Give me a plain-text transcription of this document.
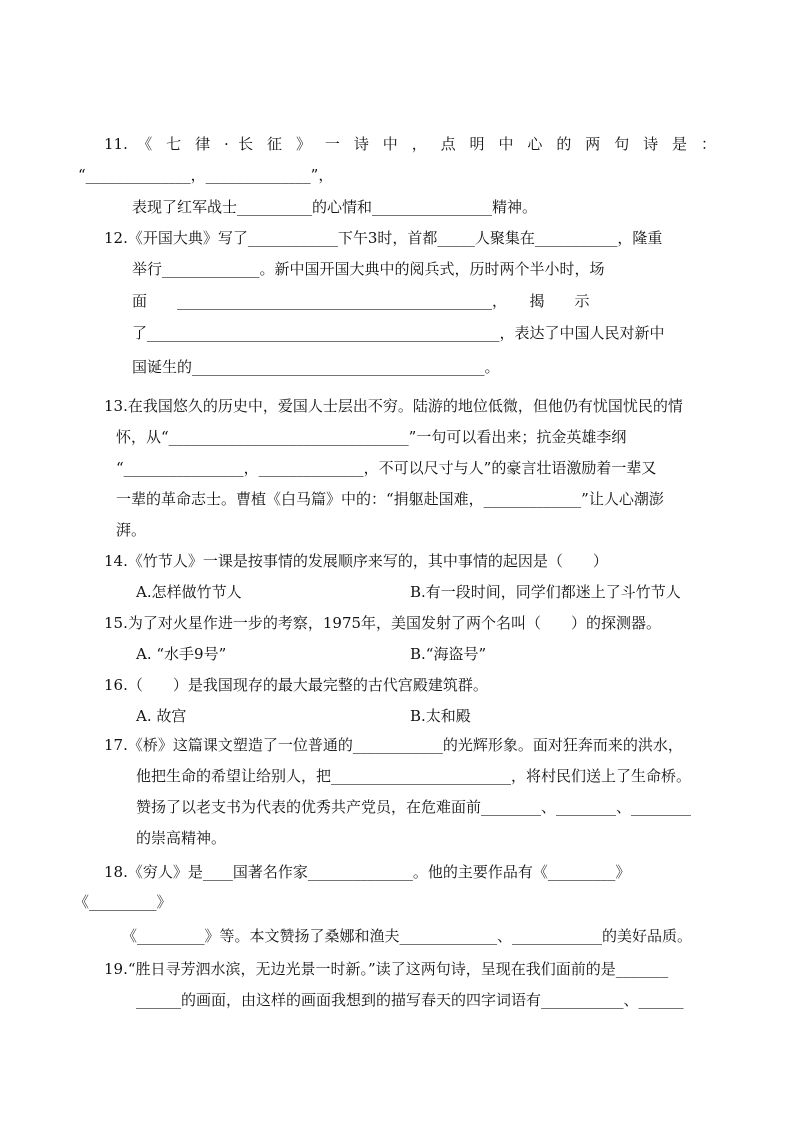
11. 《 七 律 · 长 征 》 一 诗 中 ， 点 明 中 心 的 两 句 诗 是 ：
“______________，______________”，
表现了红军战士__________的心情和________________精神。
12.《开国大典》写了____________下午3时，首都_____人聚集在___________，隆重
举行_____________。新中国开国大典中的阅兵式，历时两个半小时，场
面　　__________________________________________，　　揭　　示
了_______________________________________________，表达了中国人民对新中
国诞生的_______________________________________。
13.在我国悠久的历史中，爱国人士层出不穷。陆游的地位低微，但他仍有忧国忧民的情
怀，从“________________________________”一句可以看出来；抗金英雄李纲
“________________，______________，不可以尺寸与人”的豪言壮语激励着一辈又
一辈的革命志士。曹植《白马篇》中的：“捐躯赴国难，_____________”让人心潮澎
湃。
14.《竹节人》一课是按事情的发展顺序来写的，其中事情的起因是（　　）
A.怎样做竹节人	B.有一段时间，同学们都迷上了斗竹节人
15.为了对火星作进一步的考察，1975年，美国发射了两个名叫（　　）的探测器。
A. “水手9号”	B.“海盗号”
16.（　　）是我国现存的最大最完整的古代宫殿建筑群。
A. 故宫	B.太和殿
17.《桥》这篇课文塑造了一位普通的____________的光辉形象。面对狂奔而来的洪水，
他把生命的希望让给别人，把________________________，将村民们送上了生命桥。
赞扬了以老支书为代表的优秀共产党员，在危难面前________、________、________
的崇高精神。
18.《穷人》是____国著名作家______________。他的主要作品有《_________》
《_________》
《_________》等。本文赞扬了桑娜和渔夫_____________、____________的美好品质。
19.“胜日寻芳泗水滨，无边光景一时新。”读了这两句诗，呈现在我们面前的是_______
______的画面，由这样的画面我想到的描写春天的四字词语有___________、______
